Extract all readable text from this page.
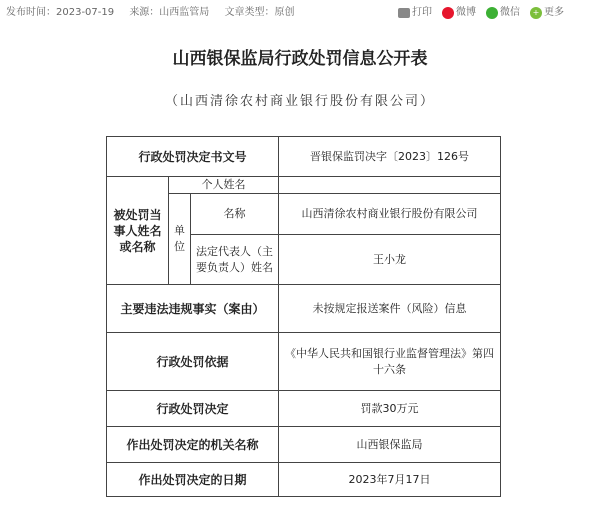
发布时间：2023-07-19 来源：山西监管局 文章类型：原创	打印 微博 微信	+ 更多
山西银保监局行政处罚信息公开表
（山西清徐农村商业银行股份有限公司）
行政处罚决定书文号			晋银保监罚决字〔2023〕126号
被处罚当事人姓名或名称	个人姓名		
	单位	名称	山西清徐农村商业银行股份有限公司
		法定代表人（主要负责人）姓名	王小龙
主要违法违规事实（案由）			未按规定报送案件（风险）信息
行政处罚依据			《中华人民共和国银行业监督管理法》第四十六条
行政处罚决定			罚款30万元
作出处罚决定的机关名称			山西银保监局
作出处罚决定的日期			2023年7月17日
